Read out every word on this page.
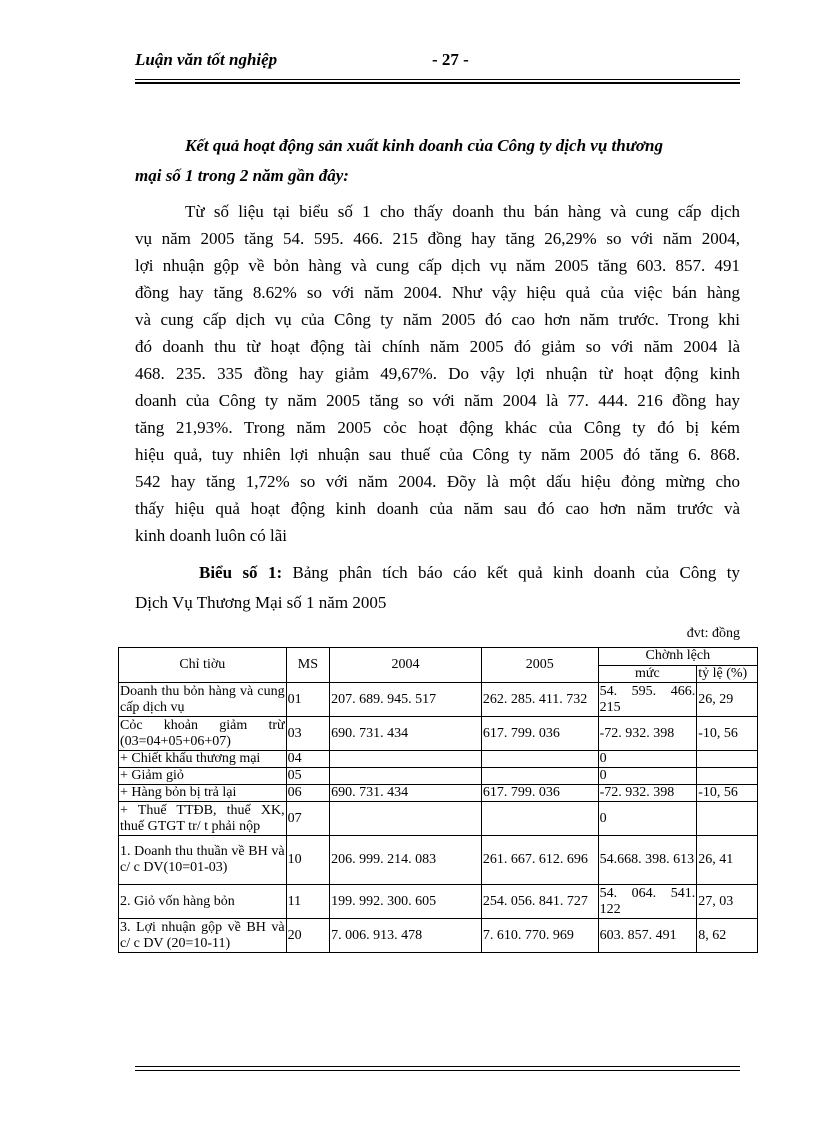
Luận văn tốt nghiệp	- 27 -
Kết quả hoạt động sản xuất kinh doanh của Công ty dịch vụ thương
mại số 1 trong 2 năm gần đây:

Từ số liệu tại biểu số 1 cho thấy doanh thu bán hàng và cung cấp dịch

vụ năm 2005 tăng 54. 595. 466. 215 đồng hay tăng 26,29% so với năm 2004,

lợi nhuận gộp về bỏn hàng và cung cấp dịch vụ năm 2005 tăng 603. 857. 491

đồng hay tăng 8.62% so với năm 2004. Như vậy hiệu quả của việc bán hàng

và cung cấp dịch vụ của Công ty năm 2005 đó cao hơn năm trước. Trong khi

đó doanh thu từ hoạt động tài chính năm 2005 đó giảm so với năm 2004 là

468. 235. 335 đồng hay giảm 49,67%. Do vậy lợi nhuận từ hoạt động kinh

doanh của Công ty năm 2005 tăng so với năm 2004 là 77. 444. 216 đồng hay

tăng 21,93%. Trong năm 2005 cỏc hoạt động khác của Công ty đó bị kém

hiệu quả, tuy nhiên lợi nhuận sau thuế của Công ty năm 2005 đó tăng 6. 868.

542 hay tăng 1,72% so với năm 2004. Đõy là một dấu hiệu đỏng mừng cho

thấy hiệu quả hoạt động kinh doanh của năm sau đó cao hơn năm trước và

kinh doanh luôn có lãi

Biểu số 1: Bảng phân tích báo cáo kết quả kinh doanh của Công ty
Dịch Vụ Thương Mại số 1 năm 2005
đvt: đồng
Chỉ tiờu	MS	2004	2005	Chờnh lệch	
				mức	tỷ lệ (%)
Doanh thu bỏn hàng và cung cấp dịch vụ	01	207. 689. 945. 517	262. 285. 411. 732	54. 595. 466. 215	26, 29
Cỏc khoản giảm trừ (03=04+05+06+07)	03	690. 731. 434	617. 799. 036	-72. 932. 398	-10, 56
+ Chiết khấu thương mại	04			0	
+ Giảm giỏ	05			0	
+ Hàng bỏn bị trả lại	06	690. 731. 434	617. 799. 036	-72. 932. 398	-10, 56
+ Thuế TTĐB, thuế XK, thuế GTGT tr/ t phải nộp	07			0	
1. Doanh thu thuần về BH và c/ c DV(10=01-03)	10	206. 999. 214. 083	261. 667. 612. 696	54.668. 398. 613	26, 41
2. Giỏ vốn hàng bỏn	11	199. 992. 300. 605	254. 056. 841. 727	54. 064. 541. 122	27, 03
3. Lợi nhuận gộp về BH và c/ c DV (20=10-11)	20	7. 006. 913. 478	7. 610. 770. 969	603. 857. 491	8, 62
